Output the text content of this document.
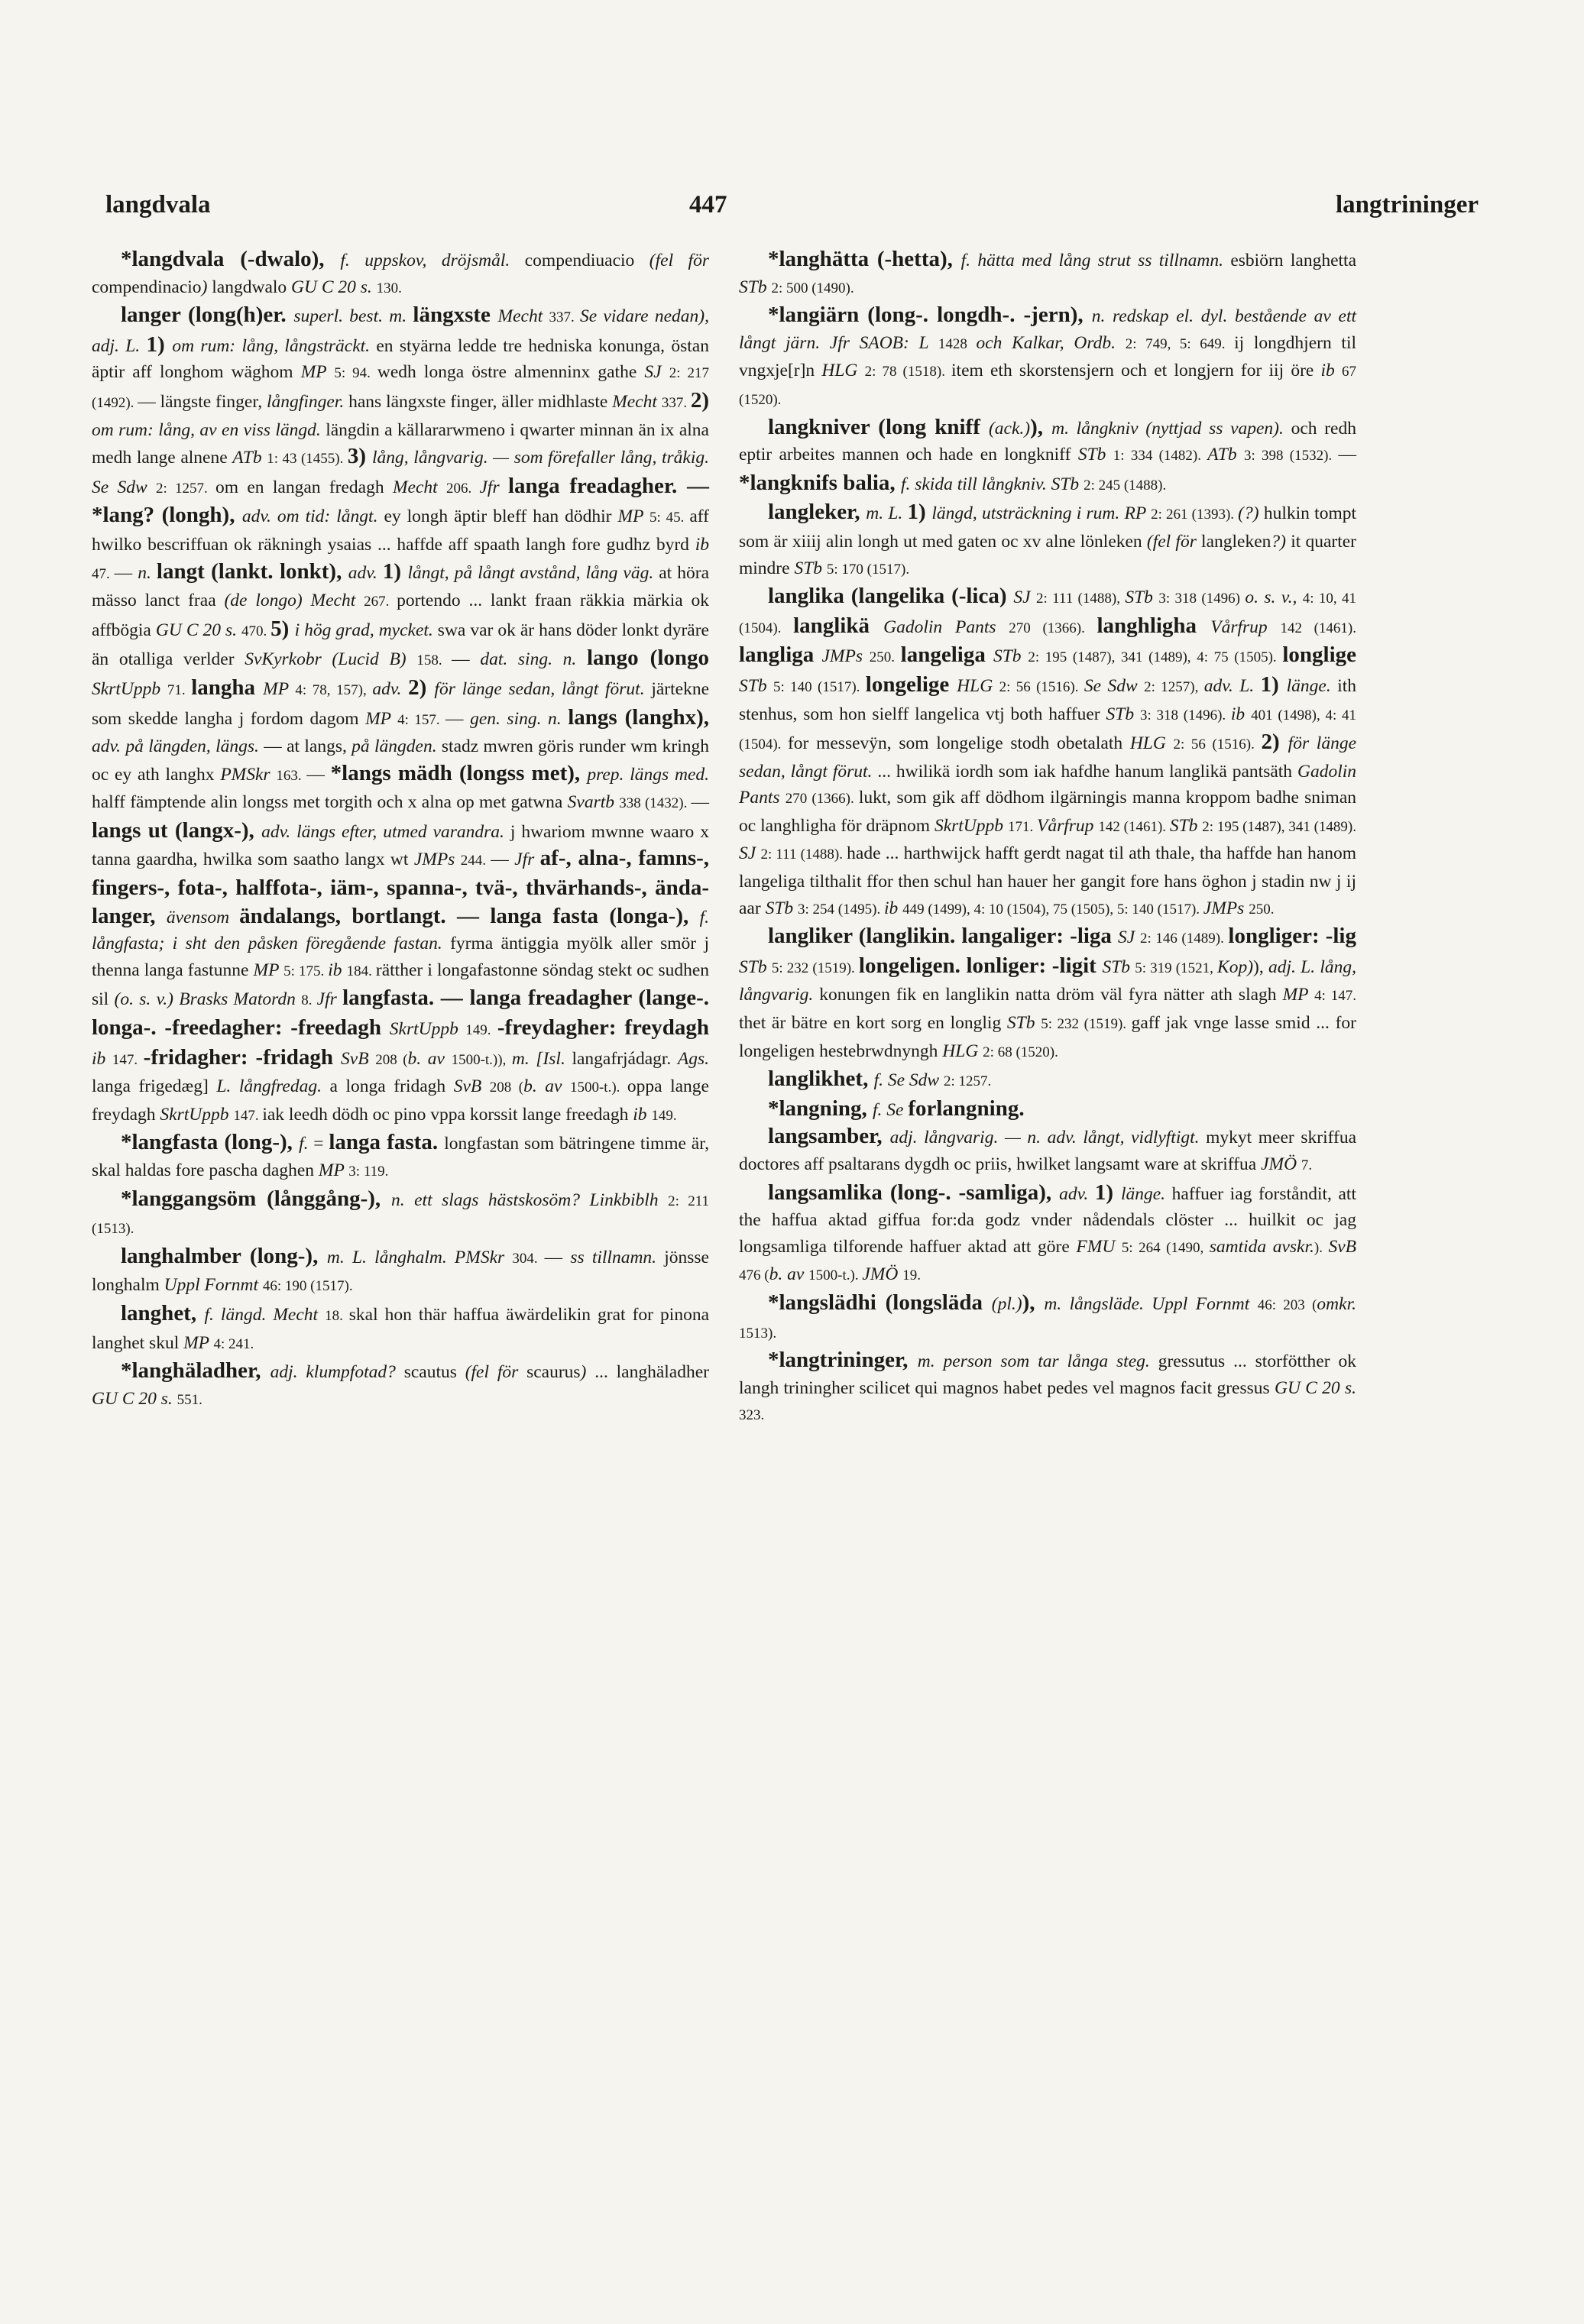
langdvala	447	langtrininger

*langdvala (-dwalo), f. uppskov, dröjsmål. compendiuacio (fel för compendinacio) langdwalo GU C 20 s. 130.

langer (long(h)er. superl. best. m. längxste Mecht 337. Se vidare nedan), adj. L. 1) om rum: lång, långsträckt. en styärna ledde tre hedniska konunga, östan äptir aff longhom wäghom MP 5: 94. wedh longa östre almenninx gathe SJ 2: 217 (1492). — längste finger, långfinger. hans längxste finger, äller midhlaste Mecht 337. 2) om rum: lång, av en viss längd. längdin a källararwmeno i qwarter minnan än ix alna medh lange alnene ATb 1: 43 (1455). 3) lång, långvarig. — som förefaller lång, tråkig. Se Sdw 2: 1257. om en langan fredagh Mecht 206. Jfr langa freadagher. — *lang? (longh), adv. om tid: långt. ey longh äptir bleff han dödhir MP 5: 45. aff hwilko bescriffuan ok räkningh ysaias ... haffde aff spaath langh fore gudhz byrd ib 47. — n. langt (lankt. lonkt), adv. 1) långt, på långt avstånd, lång väg. at höra mässo lanct fraa (de longo) Mecht 267. portendo ... lankt fraan räkkia märkia ok affbögia GU C 20 s. 470. 5) i hög grad, mycket. swa var ok är hans döder lonkt dyräre än otalliga verlder SvKyrkobr (Lucid B) 158. — dat. sing. n. lango (longo SkrtUppb 71. langha MP 4: 78, 157), adv. 2) för länge sedan, långt förut. järtekne som skedde langha j fordom dagom MP 4: 157. — gen. sing. n. langs (langhx), adv. på längden, längs. — at langs, på längden. stadz mwren göris runder wm kringh oc ey ath langhx PMSkr 163. — *langs mädh (longss met), prep. längs med. halff fämptende alin longss met torgith och x alna op met gatwna Svartb 338 (1432). — langs ut (langx-), adv. längs efter, utmed varandra. j hwariom mwnne waaro x tanna gaardha, hwilka som saatho langx wt JMPs 244. — Jfr af-, alna-, famns-, fingers-, fota-, halffota-, iäm-, spanna-, tvä-, thvärhands-, ända-langer, ävensom ändalangs, bortlangt. — langa fasta (longa-), f. långfasta; i sht den påsken föregående fastan. fyrma äntiggia myölk aller smör j thenna langa fastunne MP 5: 175. ib 184. rätther i longafastonne söndag stekt oc sudhen sil (o. s. v.) Brasks Matordn 8. Jfr langfasta. — langa freadagher (lange-. longa-. -freedagher: -freedagh SkrtUppb 149. -freydagher: freydagh ib 147. -fridagher: -fridagh SvB 208 (b. av 1500-t.)), m. [Isl. langafrjádagr. Ags. langa frigedæg] L. långfredag. a longa fridagh SvB 208 (b. av 1500-t.). oppa lange freydagh SkrtUppb 147. iak leedh dödh oc pino vppa korssit lange freedagh ib 149.

*langfasta (long-), f. = langa fasta. longfastan som bätringene timme är, skal haldas fore pascha daghen MP 3: 119.

*langgangsöm (långgång-), n. ett slags hästskosöm? Linkbiblh 2: 211 (1513).

langhalmber (long-), m. L. långhalm. PMSkr 304. — ss tillnamn. jönsse longhalm Uppl Fornmt 46: 190 (1517).

langhet, f. längd. Mecht 18. skal hon thär haffua äwärdelikin grat for pinona langhet skul MP 4: 241.

*langhäladher, adj. klumpfotad? scautus (fel för scaurus) ... langhäladher GU C 20 s. 551.

*langhätta (-hetta), f. hätta med lång strut ss tillnamn. esbiörn langhetta STb 2: 500 (1490).

*langiärn (long-. longdh-. -jern), n. redskap el. dyl. bestående av ett långt järn. Jfr SAOB: L 1428 och Kalkar, Ordb. 2: 749, 5: 649. ij longdhjern til vngxje[r]n HLG 2: 78 (1518). item eth skorstensjern och et longjern for iij öre ib 67 (1520).

langkniver (long kniff (ack.)), m. långkniv (nyttjad ss vapen). och redh eptir arbeites mannen och hade en longkniff STb 1: 334 (1482). ATb 3: 398 (1532). — *langknifs balia, f. skida till långkniv. STb 2: 245 (1488).

langleker, m. L. 1) längd, utsträckning i rum. RP 2: 261 (1393). (?) hulkin tompt som är xiiij alin longh ut med gaten oc xv alne lönleken (fel för langleken?) it quarter mindre STb 5: 170 (1517).

langlika (langelika (-lica) SJ 2: 111 (1488), STb 3: 318 (1496) o. s. v., 4: 10, 41 (1504). langlikä Gadolin Pants 270 (1366). langhligha Vårfrup 142 (1461). langliga JMPs 250. langeliga STb 2: 195 (1487), 341 (1489), 4: 75 (1505). longlige STb 5: 140 (1517). longelige HLG 2: 56 (1516). Se Sdw 2: 1257), adv. L. 1) länge. ith stenhus, som hon sielff langelica vtj both haffuer STb 3: 318 (1496). ib 401 (1498), 4: 41 (1504). for messevÿn, som longelige stodh obetalath HLG 2: 56 (1516). 2) för länge sedan, långt förut. ... hwilikä iordh som iak hafdhe hanum langlikä pantsäth Gadolin Pants 270 (1366). lukt, som gik aff dödhom ilgärningis manna kroppom badhe sniman oc langhligha för dräpnom SkrtUppb 171. Vårfrup 142 (1461). STb 2: 195 (1487), 341 (1489). SJ 2: 111 (1488). hade ... harthwijck hafft gerdt nagat til ath thale, tha haffde han hanom langeliga tilthalit ffor then schul han hauer her gangit fore hans öghon j stadin nw j ij aar STb 3: 254 (1495). ib 449 (1499), 4: 10 (1504), 75 (1505), 5: 140 (1517). JMPs 250.

langliker (langlikin. langaliger: -liga SJ 2: 146 (1489). longliger: -lig STb 5: 232 (1519). longeligen. lonliger: -ligit STb 5: 319 (1521, Kop)), adj. L. lång, långvarig. konungen fik en langlikin natta dröm väl fyra nätter ath slagh MP 4: 147. thet är bätre en kort sorg en longlig STb 5: 232 (1519). gaff jak vnge lasse smid ... for longeligen hestebrwdnyngh HLG 2: 68 (1520).

langlikhet, f. Se Sdw 2: 1257.

*langning, f. Se forlangning.

langsamber, adj. långvarig. — n. adv. långt, vidlyftigt. mykyt meer skriffua doctores aff psaltarans dygdh oc priis, hwilket langsamt ware at skriffua JMÖ 7.

langsamlika (long-. -samliga), adv. 1) länge. haffuer iag forståndit, att the haffua aktad giffua for:da godz vnder nådendals clöster ... huilkit oc jag longsamliga tilforende haffuer aktad att göre FMU 5: 264 (1490, samtida avskr.). SvB 476 (b. av 1500-t.). JMÖ 19.

*langslädhi (longsläda (pl.)), m. långsläde. Uppl Fornmt 46: 203 (omkr. 1513).

*langtrininger, m. person som tar långa steg. gressutus ... storfötther ok langh triningher scilicet qui magnos habet pedes vel magnos facit gressus GU C 20 s. 323.
